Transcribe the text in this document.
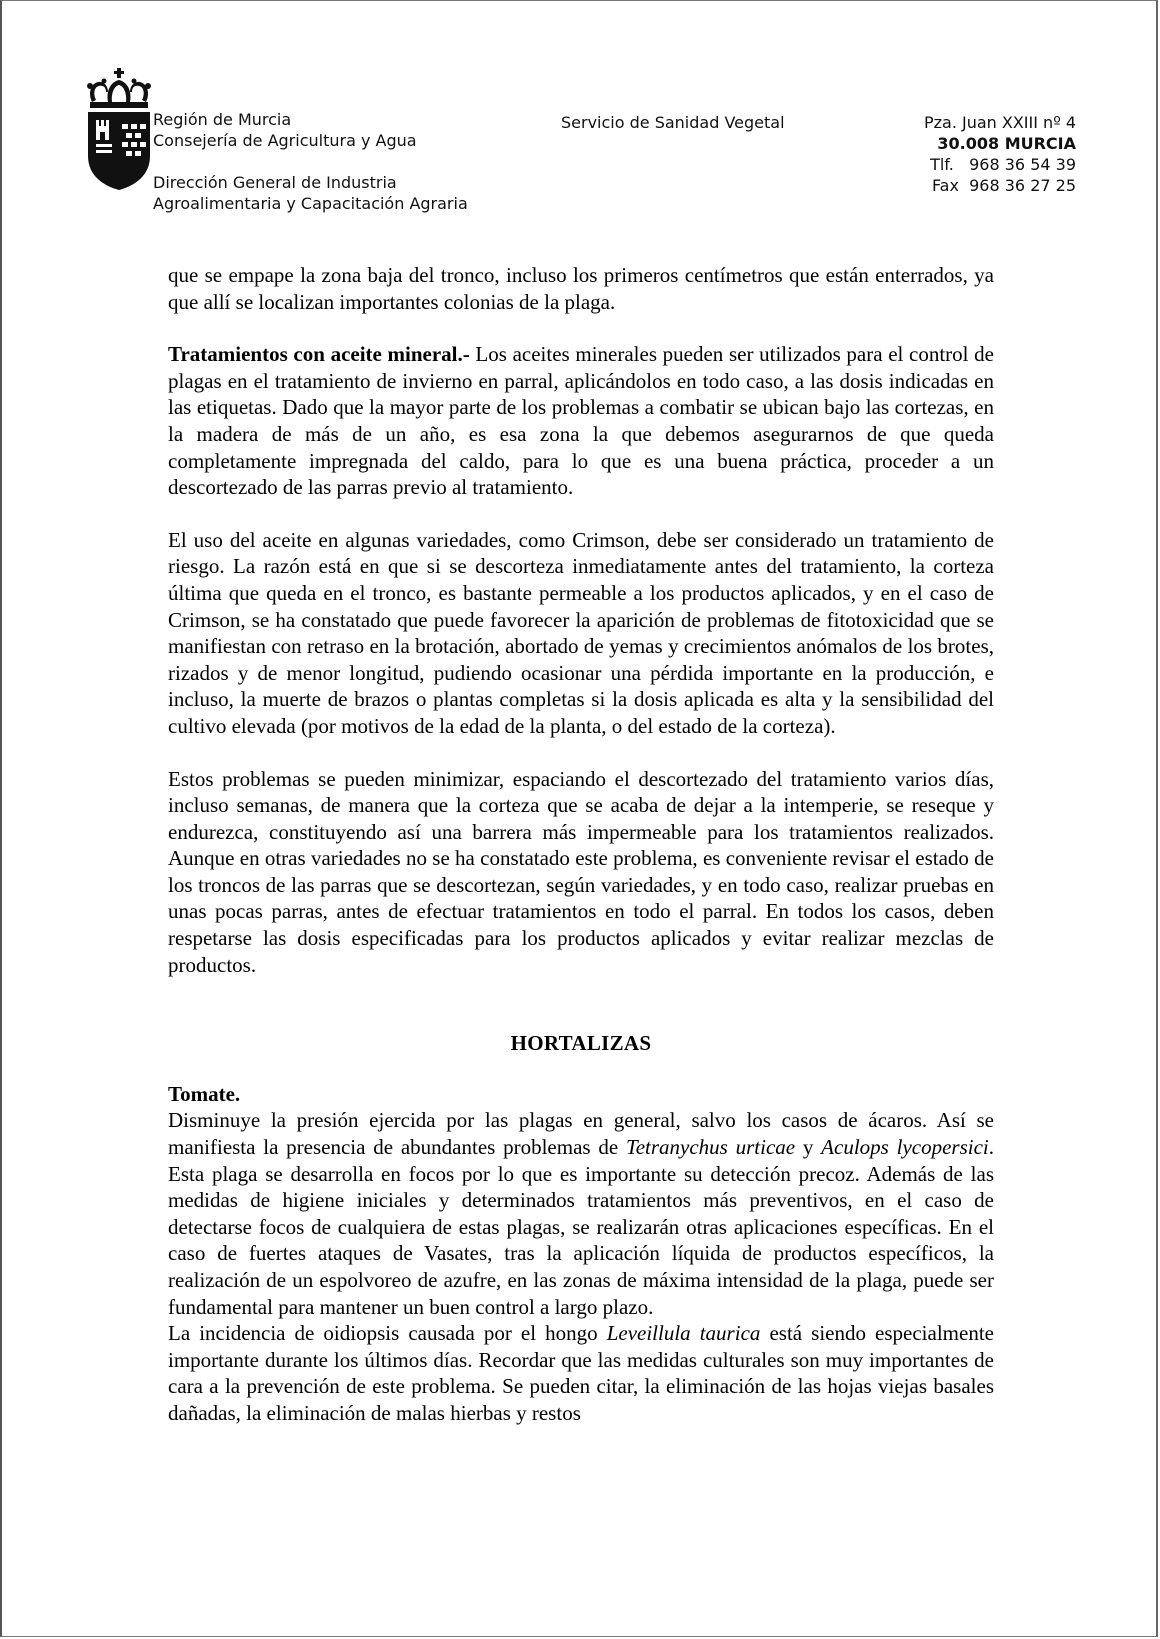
Región de Murcia
Consejería de Agricultura y Agua
Dirección General de Industria
Agroalimentaria y Capacitación Agraria
Servicio de Sanidad Vegetal	Pza. Juan XXIII nº 4
30.008 MURCIA
Tlf. 968 36 54 39
Fax 968 36 27 25

que se empape la zona baja del tronco, incluso los primeros centímetros que están enterrados, ya que allí se localizan importantes colonias de la plaga.

Tratamientos con aceite mineral.- Los aceites minerales pueden ser utilizados para el control de plagas en el tratamiento de invierno en parral, aplicándolos en todo caso, a las dosis indicadas en las etiquetas. Dado que la mayor parte de los problemas a combatir se ubican bajo las cortezas, en la madera de más de un año, es esa zona la que debemos asegurarnos de que queda completamente impregnada del caldo, para lo que es una buena práctica, proceder a un descortezado de las parras previo al tratamiento.

El uso del aceite en algunas variedades, como Crimson, debe ser considerado un tratamiento de riesgo. La razón está en que si se descorteza inmediatamente antes del tratamiento, la corteza última que queda en el tronco, es bastante permeable a los productos aplicados, y en el caso de Crimson, se ha constatado que puede favorecer la aparición de problemas de fitotoxicidad que se manifiestan con retraso en la brotación, abortado de yemas y crecimientos anómalos de los brotes, rizados y de menor longitud, pudiendo ocasionar una pérdida importante en la producción, e incluso, la muerte de brazos o plantas completas si la dosis aplicada es alta y la sensibilidad del cultivo elevada (por motivos de la edad de la planta, o del estado de la corteza).

Estos problemas se pueden minimizar, espaciando el descortezado del tratamiento varios días, incluso semanas, de manera que la corteza que se acaba de dejar a la intemperie, se reseque y endurezca, constituyendo así una barrera más impermeable para los tratamientos realizados. Aunque en otras variedades no se ha constatado este problema, es conveniente revisar el estado de los troncos de las parras que se descortezan, según variedades, y en todo caso, realizar pruebas en unas pocas parras, antes de efectuar tratamientos en todo el parral. En todos los casos, deben respetarse las dosis especificadas para los productos aplicados y evitar realizar mezclas de productos.

HORTALIZAS
Tomate.

Disminuye la presión ejercida por las plagas en general, salvo los casos de ácaros. Así se manifiesta la presencia de abundantes problemas de Tetranychus urticae y Aculops lycopersici. Esta plaga se desarrolla en focos por lo que es importante su detección precoz. Además de las medidas de higiene iniciales y determinados tratamientos más preventivos, en el caso de detectarse focos de cualquiera de estas plagas, se realizarán otras aplicaciones específicas. En el caso de fuertes ataques de Vasates, tras la aplicación líquida de productos específicos, la realización de un espolvoreo de azufre, en las zonas de máxima intensidad de la plaga, puede ser fundamental para mantener un buen control a largo plazo.

La incidencia de oidiopsis causada por el hongo Leveillula taurica está siendo especialmente importante durante los últimos días. Recordar que las medidas culturales son muy importantes de cara a la prevención de este problema. Se pueden citar, la eliminación de las hojas viejas basales dañadas, la eliminación de malas hierbas y restos
